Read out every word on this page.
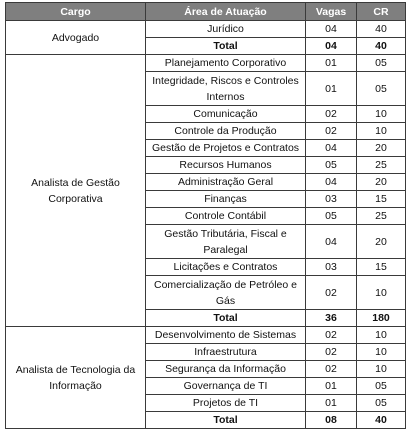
Cargo	Área de Atuação	Vagas	CR
Advogado	Jurídico	04	40
	Total	04	40
Analista de Gestão Corporativa	Planejamento Corporativo	01	05
	Integridade, Riscos e Controles Internos	01	05
	Comunicação	02	10
	Controle da Produção	02	10
	Gestão de Projetos e Contratos	04	20
	Recursos Humanos	05	25
	Administração Geral	04	20
	Finanças	03	15
	Controle Contábil	05	25
	Gestão Tributária, Fiscal e Paralegal	04	20
	Licitações e Contratos	03	15
	Comercialização de Petróleo e Gás	02	10
	Total	36	180
Analista de Tecnologia da Informação	Desenvolvimento de Sistemas	02	10
	Infraestrutura	02	10
	Segurança da Informação	02	10
	Governança de TI	01	05
	Projetos de TI	01	05
	Total	08	40
